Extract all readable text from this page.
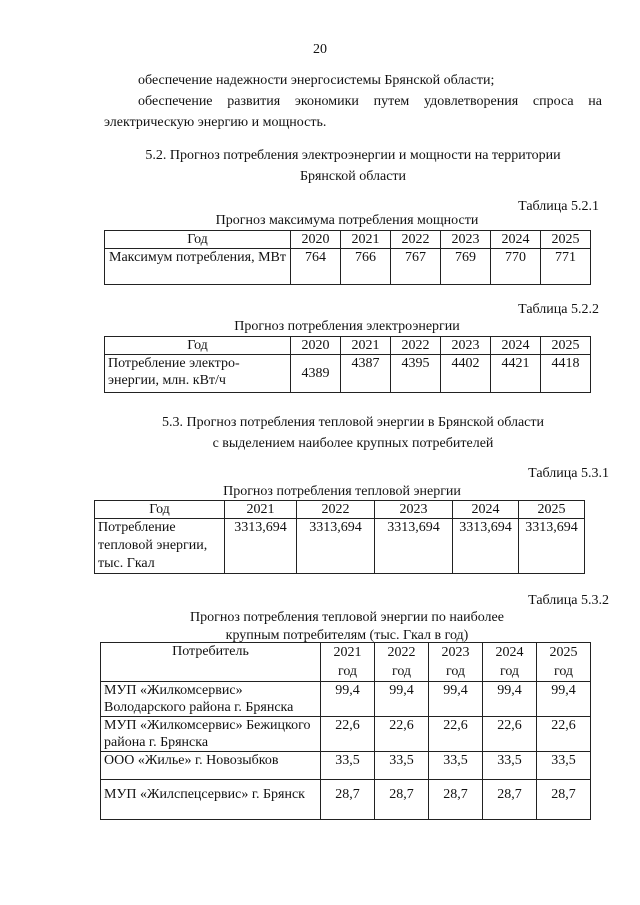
20
обеспечение надежности энергосистемы Брянской области;
обеспечение развития экономики путем удовлетворения спроса на электрическую энергию и мощность.
5.2. Прогноз потребления электроэнергии и мощности на территории
Брянской области
Таблица 5.2.1
Прогноз максимума потребления мощности
Год	2020	2021	2022	2023	2024	2025
Максимум потребления, МВт	764	766	767	769	770	771
Таблица 5.2.2
Прогноз потребления электроэнергии
Год	2020	2021	2022	2023	2024	2025
Потребление электро-энергии, млн. кВт/ч	4389	4387	4395	4402	4421	4418
5.3. Прогноз потребления тепловой энергии в Брянской области
с выделением наиболее крупных потребителей
Таблица 5.3.1
Прогноз потребления тепловой энергии
Год	2021	2022	2023	2024	2025
Потребление тепловой энергии, тыс. Гкал	3313,694	3313,694	3313,694	3313,694	3313,694
Таблица 5.3.2
Прогноз потребления тепловой энергии по наиболее
крупным потребителям (тыс. Гкал в год)
Потребитель	2021 год	2022 год	2023 год	2024 год	2025 год
МУП «Жилкомсервис» Володарского района г. Брянска	99,4	99,4	99,4	99,4	99,4
МУП «Жилкомсервис» Бежицкого района г. Брянска	22,6	22,6	22,6	22,6	22,6
ООО «Жилье» г. Новозыбков	33,5	33,5	33,5	33,5	33,5
МУП «Жилспецсервис» г. Брянск	28,7	28,7	28,7	28,7	28,7
